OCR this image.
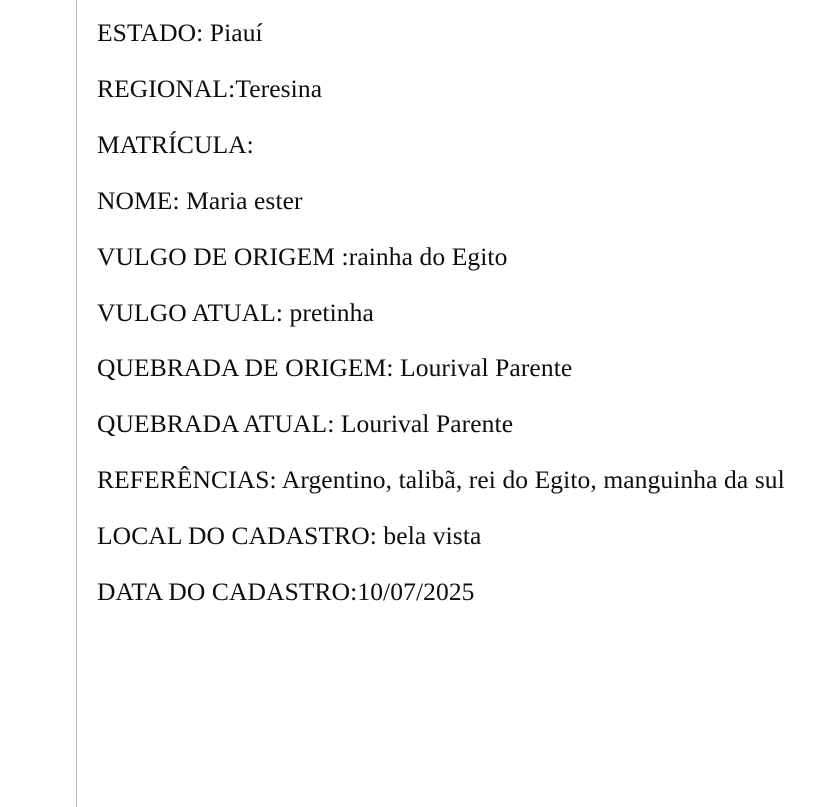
ESTADO: Piauí

REGIONAL:Teresina

MATRÍCULA:

NOME: Maria ester

VULGO DE ORIGEM :rainha do Egito

VULGO ATUAL: pretinha

QUEBRADA DE ORIGEM: Lourival Parente

QUEBRADA ATUAL: Lourival Parente

REFERÊNCIAS: Argentino, talibã, rei do Egito, manguinha da sul

LOCAL DO CADASTRO: bela vista

DATA DO CADASTRO:10/07/2025
